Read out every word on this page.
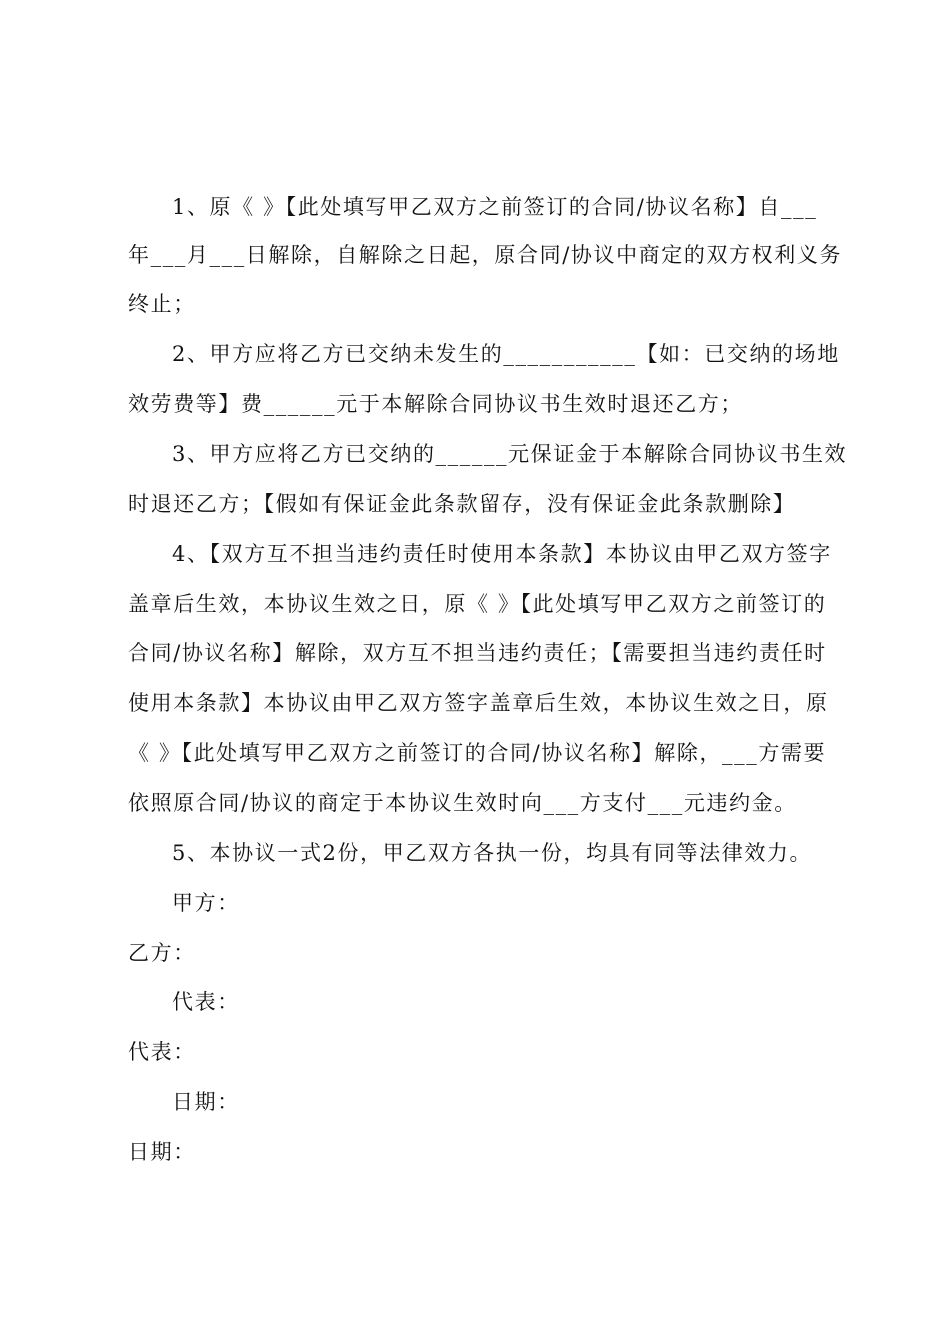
1、原《 》【此处填写甲乙双方之前签订的合同/协议名称】自___
年___月___日解除，自解除之日起，原合同/协议中商定的双方权利义务
终止；
2、甲方应将乙方已交纳未发生的___________【如：已交纳的场地
效劳费等】费______元于本解除合同协议书生效时退还乙方；
3、甲方应将乙方已交纳的______元保证金于本解除合同协议书生效
时退还乙方；【假如有保证金此条款留存，没有保证金此条款删除】
4、【双方互不担当违约责任时使用本条款】本协议由甲乙双方签字
盖章后生效，本协议生效之日，原《 》【此处填写甲乙双方之前签订的
合同/协议名称】解除，双方互不担当违约责任；【需要担当违约责任时
使用本条款】本协议由甲乙双方签字盖章后生效，本协议生效之日，原
《 》【此处填写甲乙双方之前签订的合同/协议名称】解除，___方需要
依照原合同/协议的商定于本协议生效时向___方支付___元违约金。
5、本协议一式2份，甲乙双方各执一份，均具有同等法律效力。
甲方：
乙方：
代表：
代表：
日期：
日期：
